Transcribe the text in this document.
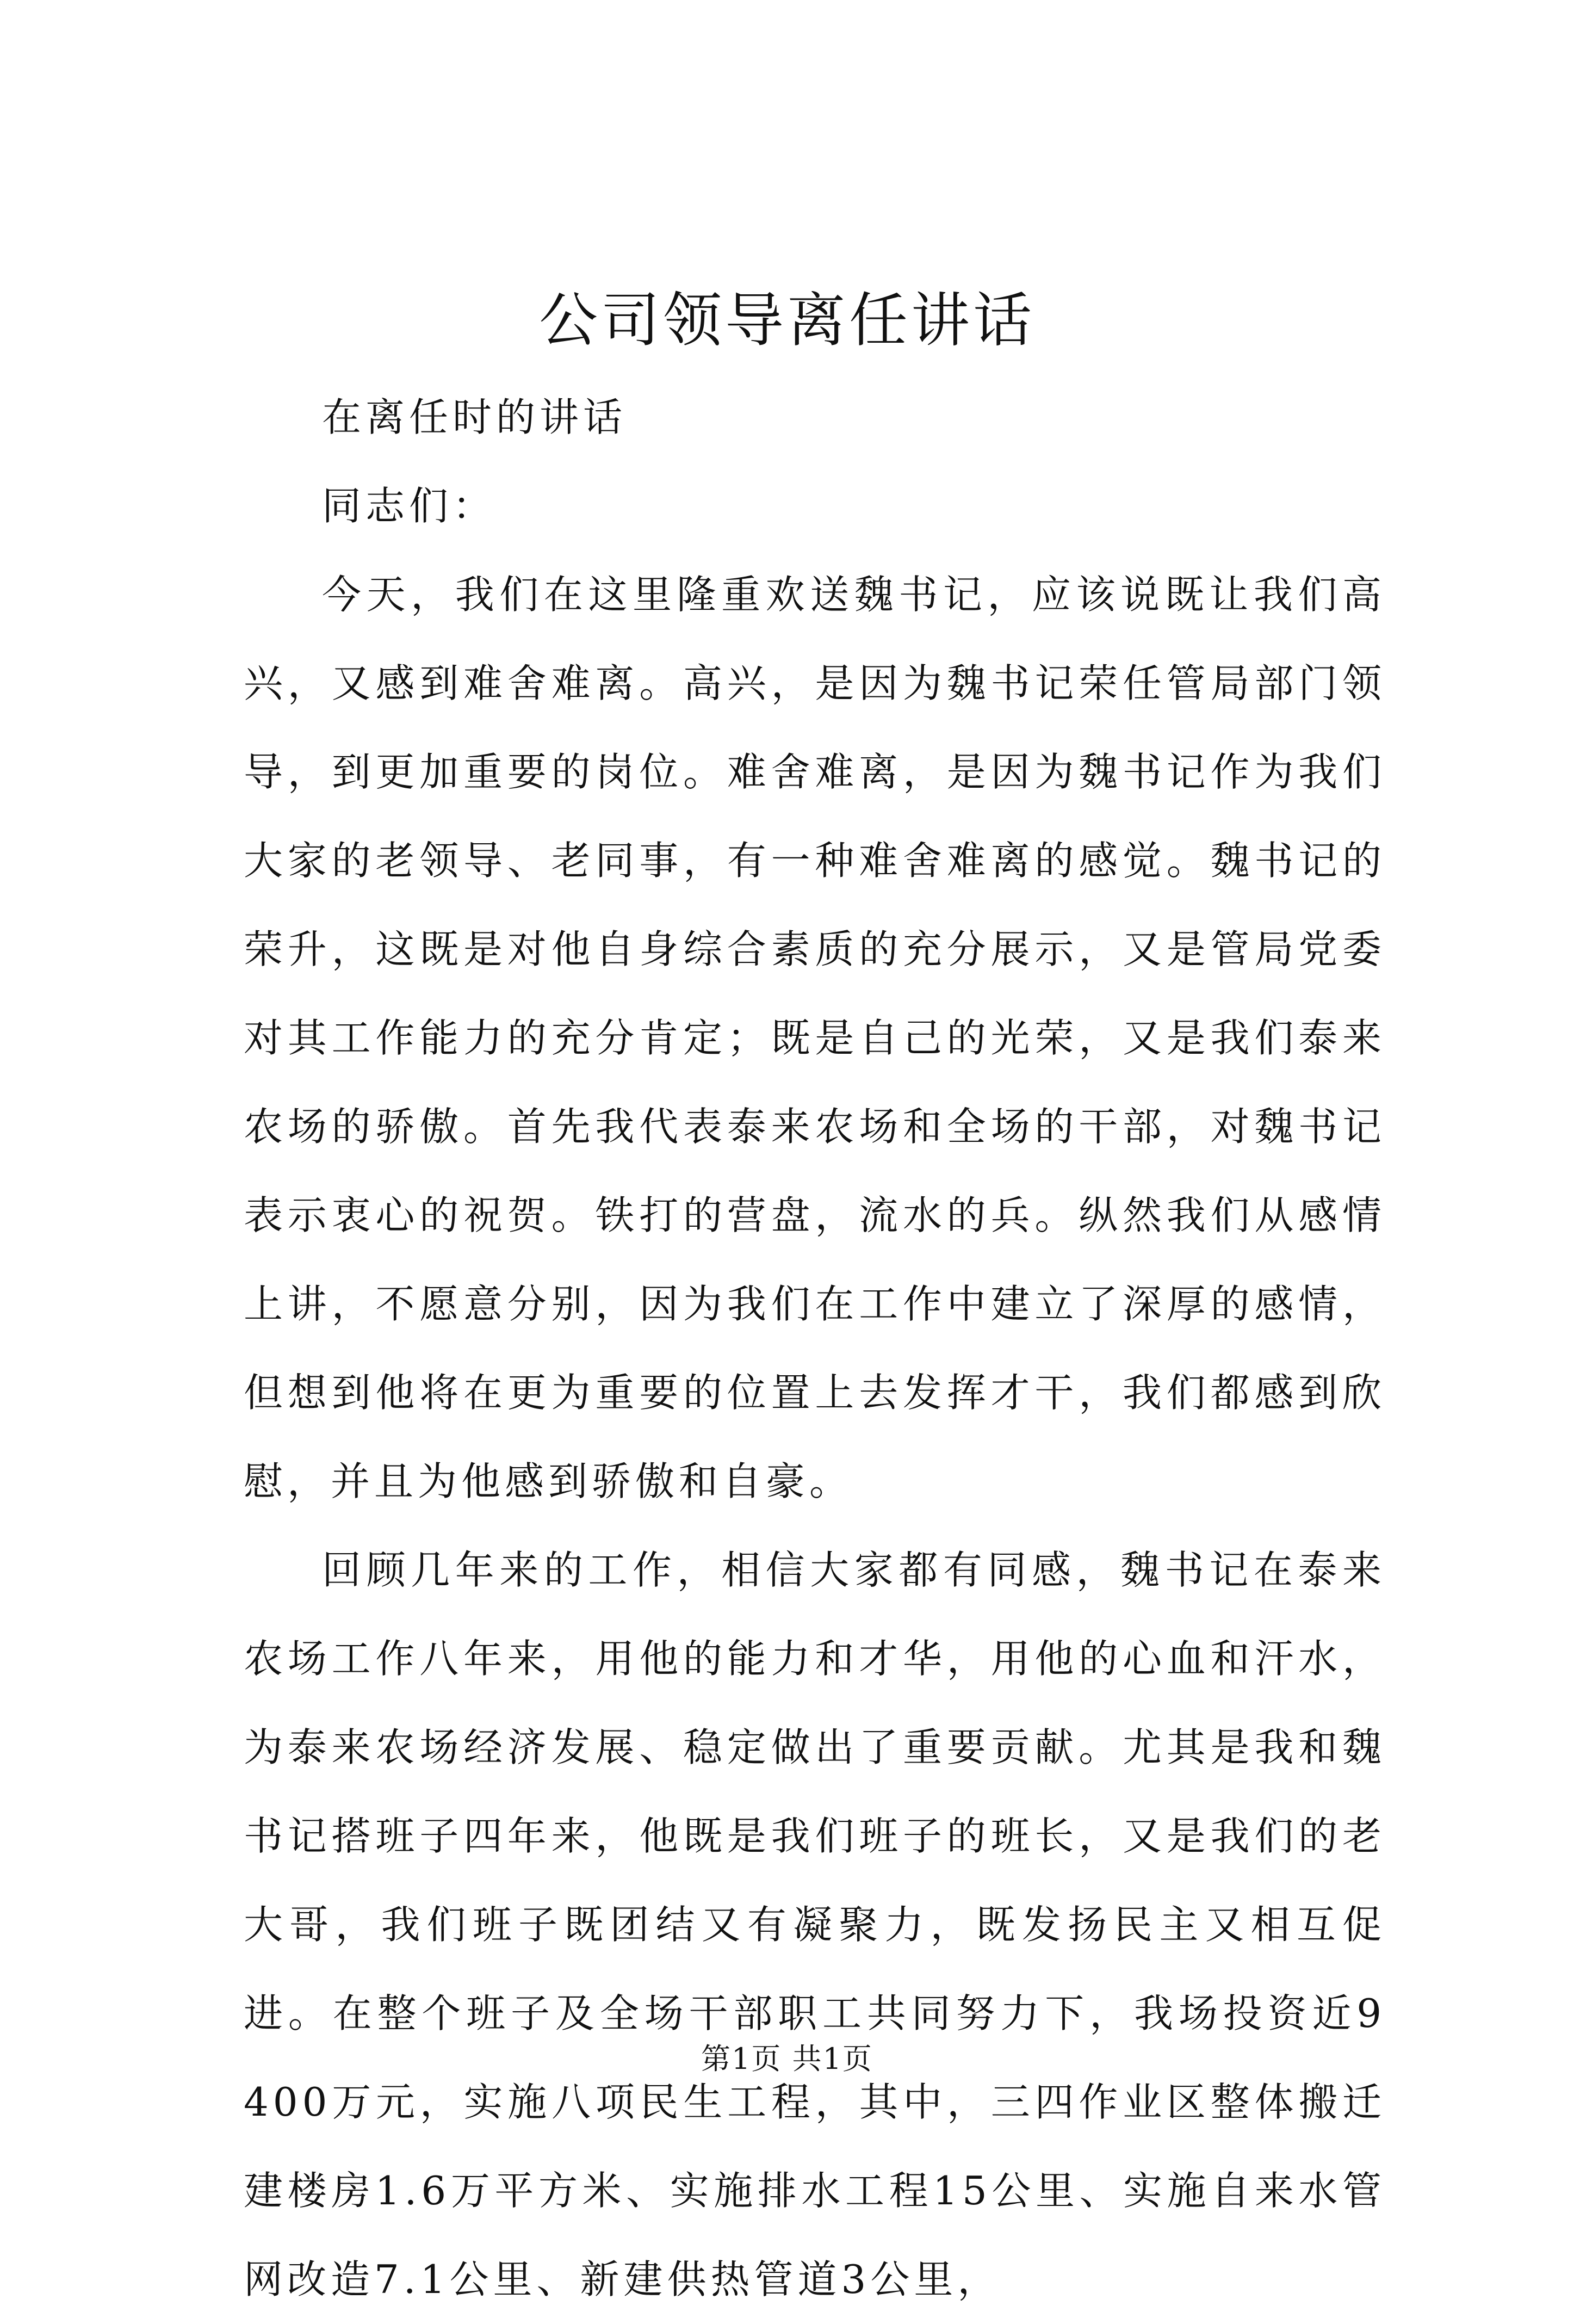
公司领导离任讲话

在离任时的讲话

同志们：

今天，我们在这里隆重欢送魏书记，应该说既让我们高兴，又感到难舍难离。高兴，是因为魏书记荣任管局部门领导，到更加重要的岗位。难舍难离，是因为魏书记作为我们大家的老领导、老同事，有一种难舍难离的感觉。魏书记的荣升，这既是对他自身综合素质的充分展示，又是管局党委对其工作能力的充分肯定；既是自己的光荣，又是我们泰来农场的骄傲。首先我代表泰来农场和全场的干部，对魏书记表示衷心的祝贺。铁打的营盘，流水的兵。纵然我们从感情上讲，不愿意分别，因为我们在工作中建立了深厚的感情，但想到他将在更为重要的位置上去发挥才干，我们都感到欣慰，并且为他感到骄傲和自豪。

回顾几年来的工作，相信大家都有同感，魏书记在泰来农场工作八年来，用他的能力和才华，用他的心血和汗水，为泰来农场经济发展、稳定做出了重要贡献。尤其是我和魏书记搭班子四年来，他既是我们班子的班长，又是我们的老大哥，我们班子既团结又有凝聚力，既发扬民主又相互促进。在整个班子及全场干部职工共同努力下，我场投资近9400万元，实施八项民生工程，其中，三四作业区整体搬迁建楼房1.6万平方米、实施排水工程15公里、实施自来水管网改造7.1公里、新建供热管道3公里，

第1页 共1页
